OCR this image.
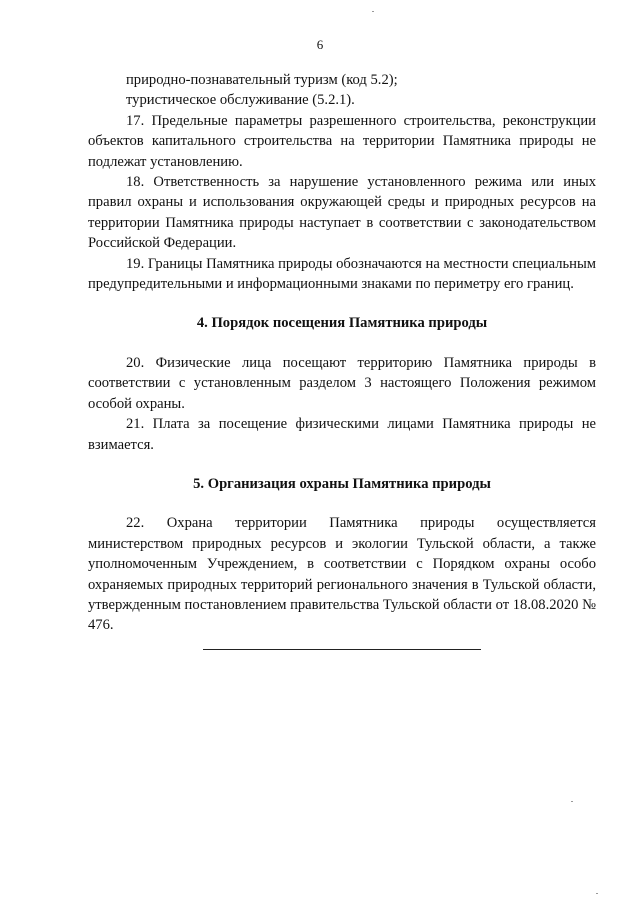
6

природно-познавательный туризм (код 5.2);

туристическое обслуживание (5.2.1).

17. Предельные параметры разрешенного строительства, реконструкции объектов капитального строительства на территории Памятника природы не подлежат установлению.

18. Ответственность за нарушение установленного режима или иных правил охраны и использования окружающей среды и природных ресурсов на территории Памятника природы наступает в соответствии с законодательством Российской Федерации.

19. Границы Памятника природы обозначаются на местности специальным предупредительными и информационными знаками по периметру его границ.

4. Порядок посещения Памятника природы

20. Физические лица посещают территорию Памятника природы в соответствии с установленным разделом 3 настоящего Положения режимом особой охраны.

21. Плата за посещение физическими лицами Памятника природы не взимается.

5. Организация охраны Памятника природы

22. Охрана территории Памятника природы осуществляется министерством природных ресурсов и экологии Тульской области, а также уполномоченным Учреждением, в соответствии с Порядком охраны особо охраняемых природных территорий регионального значения в Тульской области, утвержденным постановлением правительства Тульской области от 18.08.2020 № 476.
